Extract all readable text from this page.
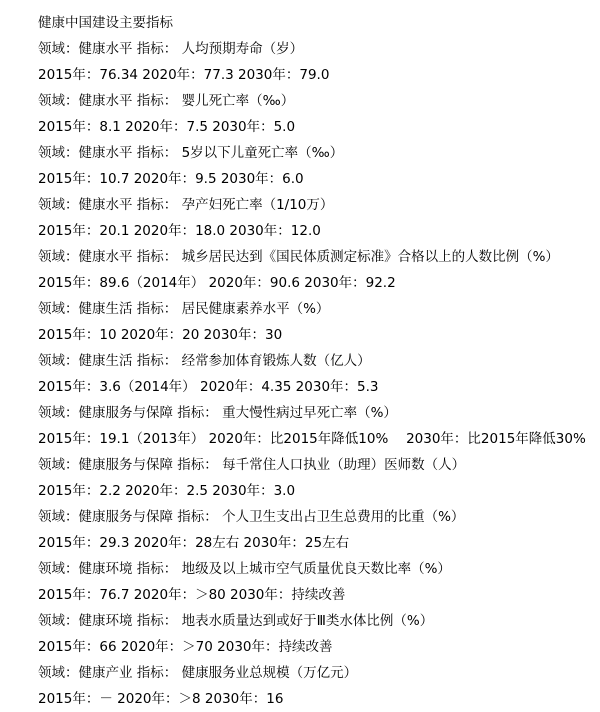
健康中国建设主要指标
领域：健康水平 指标： 人均预期寿命（岁）
2015年：76.34 2020年：77.3 2030年：79.0
领域：健康水平 指标： 婴儿死亡率（‰）
2015年：8.1 2020年：7.5 2030年：5.0
领域：健康水平 指标： 5岁以下儿童死亡率（‰）
2015年：10.7 2020年：9.5 2030年：6.0
领域：健康水平 指标： 孕产妇死亡率（1/10万）
2015年：20.1 2020年：18.0 2030年：12.0
领域：健康水平 指标： 城乡居民达到《国民体质测定标准》合格以上的人数比例（%）
2015年：89.6（2014年） 2020年：90.6 2030年：92.2
领域：健康生活 指标： 居民健康素养水平（%）
2015年：10 2020年：20 2030年：30
领域：健康生活 指标： 经常参加体育锻炼人数（亿人）
2015年：3.6（2014年） 2020年：4.35 2030年：5.3
领域：健康服务与保障 指标： 重大慢性病过早死亡率（%）
2015年：19.1（2013年） 2020年：比2015年降低10%　 2030年：比2015年降低30%
领域：健康服务与保障 指标： 每千常住人口执业（助理）医师数（人）
2015年：2.2 2020年：2.5 2030年：3.0
领域：健康服务与保障 指标： 个人卫生支出占卫生总费用的比重（%）
2015年：29.3 2020年：28左右 2030年：25左右
领域：健康环境 指标： 地级及以上城市空气质量优良天数比率（%）
2015年：76.7 2020年：＞80 2030年：持续改善
领域：健康环境 指标： 地表水质量达到或好于Ⅲ类水体比例（%）
2015年：66 2020年：＞70 2030年：持续改善
领域：健康产业 指标： 健康服务业总规模（万亿元）
2015年：－ 2020年：＞8 2030年：16
